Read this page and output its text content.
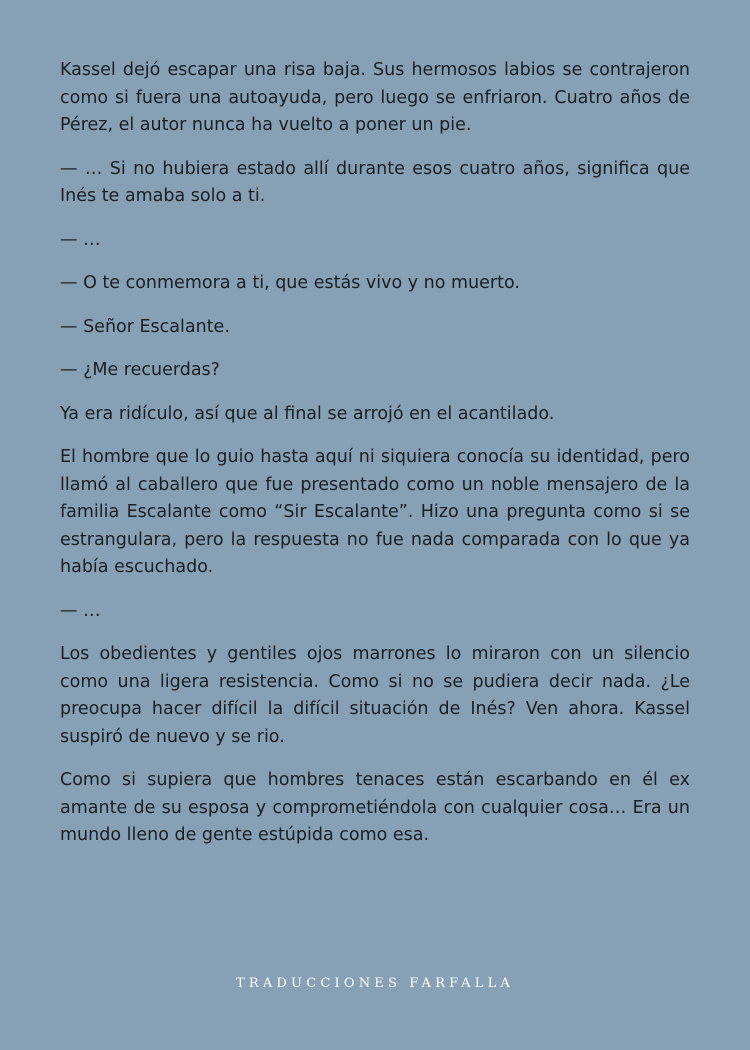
Kassel dejó escapar una risa baja. Sus hermosos labios se contrajeron como si fuera una autoayuda, pero luego se enfriaron. Cuatro años de Pérez, el autor nunca ha vuelto a poner un pie.

— … Si no hubiera estado allí durante esos cuatro años, significa que Inés te amaba solo a ti.

— …

— O te conmemora a ti, que estás vivo y no muerto.

— Señor Escalante.

— ¿Me recuerdas?

Ya era ridículo, así que al final se arrojó en el acantilado.

El hombre que lo guio hasta aquí ni siquiera conocía su identidad, pero llamó al caballero que fue presentado como un noble mensajero de la familia Escalante como “Sir Escalante”. Hizo una pregunta como si se estrangulara, pero la respuesta no fue nada comparada con lo que ya había escuchado.

— …

Los obedientes y gentiles ojos marrones lo miraron con un silencio como una ligera resistencia. Como si no se pudiera decir nada. ¿Le preocupa hacer difícil la difícil situación de Inés? Ven ahora. Kassel suspiró de nuevo y se rio.

Como si supiera que hombres tenaces están escarbando en él ex amante de su esposa y comprometiéndola con cualquier cosa… Era un mundo lleno de gente estúpida como esa.

TRADUCCIONES FARFALLA
